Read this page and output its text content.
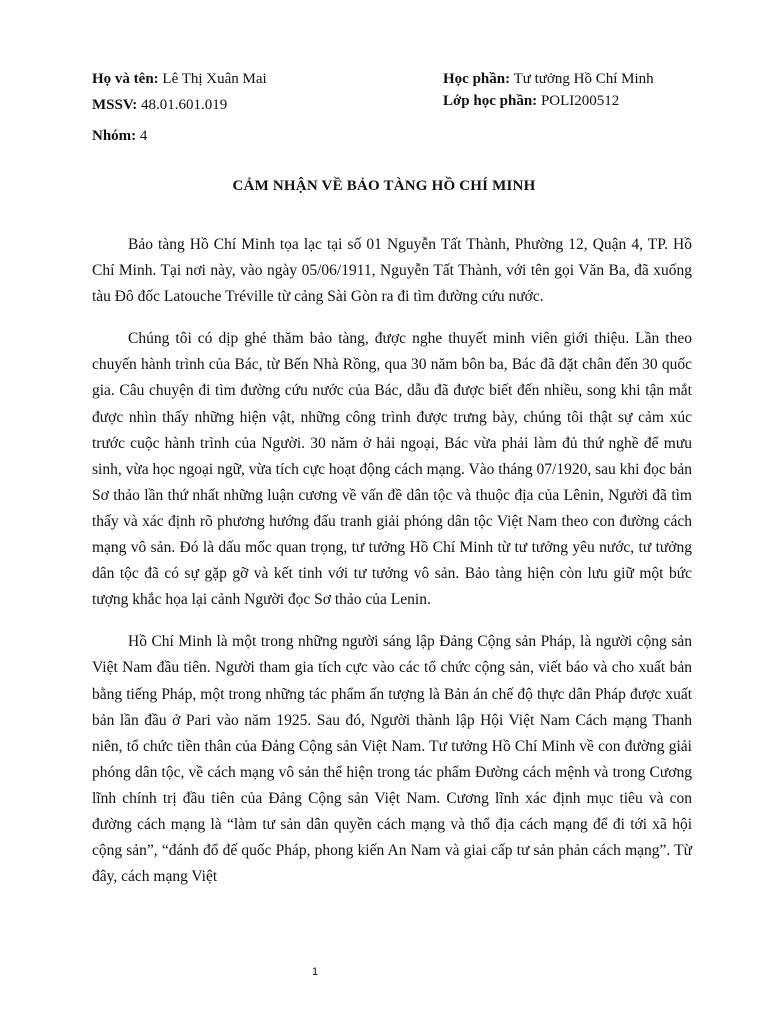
Họ và tên: Lê Thị Xuân Mai
MSSV: 48.01.601.019
Nhóm: 4
Học phần: Tư tưởng Hồ Chí Minh
Lớp học phần: POLI200512
CẢM NHẬN VỀ BẢO TÀNG HỒ CHÍ MINH

Bảo tàng Hồ Chí Minh tọa lạc tại số 01 Nguyễn Tất Thành, Phường 12, Quận 4, TP. Hồ Chí Minh. Tại nơi này, vào ngày 05/06/1911, Nguyễn Tất Thành, với tên gọi Văn Ba, đã xuống tàu Đô đốc Latouche Tréville từ cảng Sài Gòn ra đi tìm đường cứu nước.

Chúng tôi có dịp ghé thăm bảo tàng, được nghe thuyết minh viên giới thiệu. Lần theo chuyến hành trình của Bác, từ Bến Nhà Rồng, qua 30 năm bôn ba, Bác đã đặt chân đến 30 quốc gia. Câu chuyện đi tìm đường cứu nước của Bác, dẫu đã được biết đến nhiều, song khi tận mắt được nhìn thấy những hiện vật, những công trình được trưng bày, chúng tôi thật sự cảm xúc trước cuộc hành trình của Người. 30 năm ở hải ngoại, Bác vừa phải làm đủ thứ nghề để mưu sinh, vừa học ngoại ngữ, vừa tích cực hoạt động cách mạng. Vào tháng 07/1920, sau khi đọc bản Sơ thảo lần thứ nhất những luận cương về vấn đề dân tộc và thuộc địa của Lênin, Người đã tìm thấy và xác định rõ phương hướng đấu tranh giải phóng dân tộc Việt Nam theo con đường cách mạng vô sản. Đó là dấu mốc quan trọng, tư tưởng Hồ Chí Minh từ tư tưởng yêu nước, tư tưởng dân tộc đã có sự gặp gỡ và kết tinh với tư tưởng vô sản. Bảo tàng hiện còn lưu giữ một bức tượng khắc họa lại cảnh Người đọc Sơ thảo của Lenin.

Hồ Chí Minh là một trong những người sáng lập Đảng Cộng sản Pháp, là người cộng sản Việt Nam đầu tiên. Người tham gia tích cực vào các tổ chức cộng sản, viết báo và cho xuất bản bằng tiếng Pháp, một trong những tác phẩm ấn tượng là Bản án chế độ thực dân Pháp được xuất bản lần đầu ở Pari vào năm 1925. Sau đó, Người thành lập Hội Việt Nam Cách mạng Thanh niên, tổ chức tiền thân của Đảng Cộng sản Việt Nam. Tư tưởng Hồ Chí Minh về con đường giải phóng dân tộc, về cách mạng vô sản thể hiện trong tác phẩm Đường cách mệnh và trong Cương lĩnh chính trị đầu tiên của Đảng Cộng sản Việt Nam. Cương lĩnh xác định mục tiêu và con đường cách mạng là “làm tư sản dân quyền cách mạng và thổ địa cách mạng để đi tới xã hội cộng sản”, “đánh đổ đế quốc Pháp, phong kiến An Nam và giai cấp tư sản phản cách mạng”. Từ đây, cách mạng Việt

1
